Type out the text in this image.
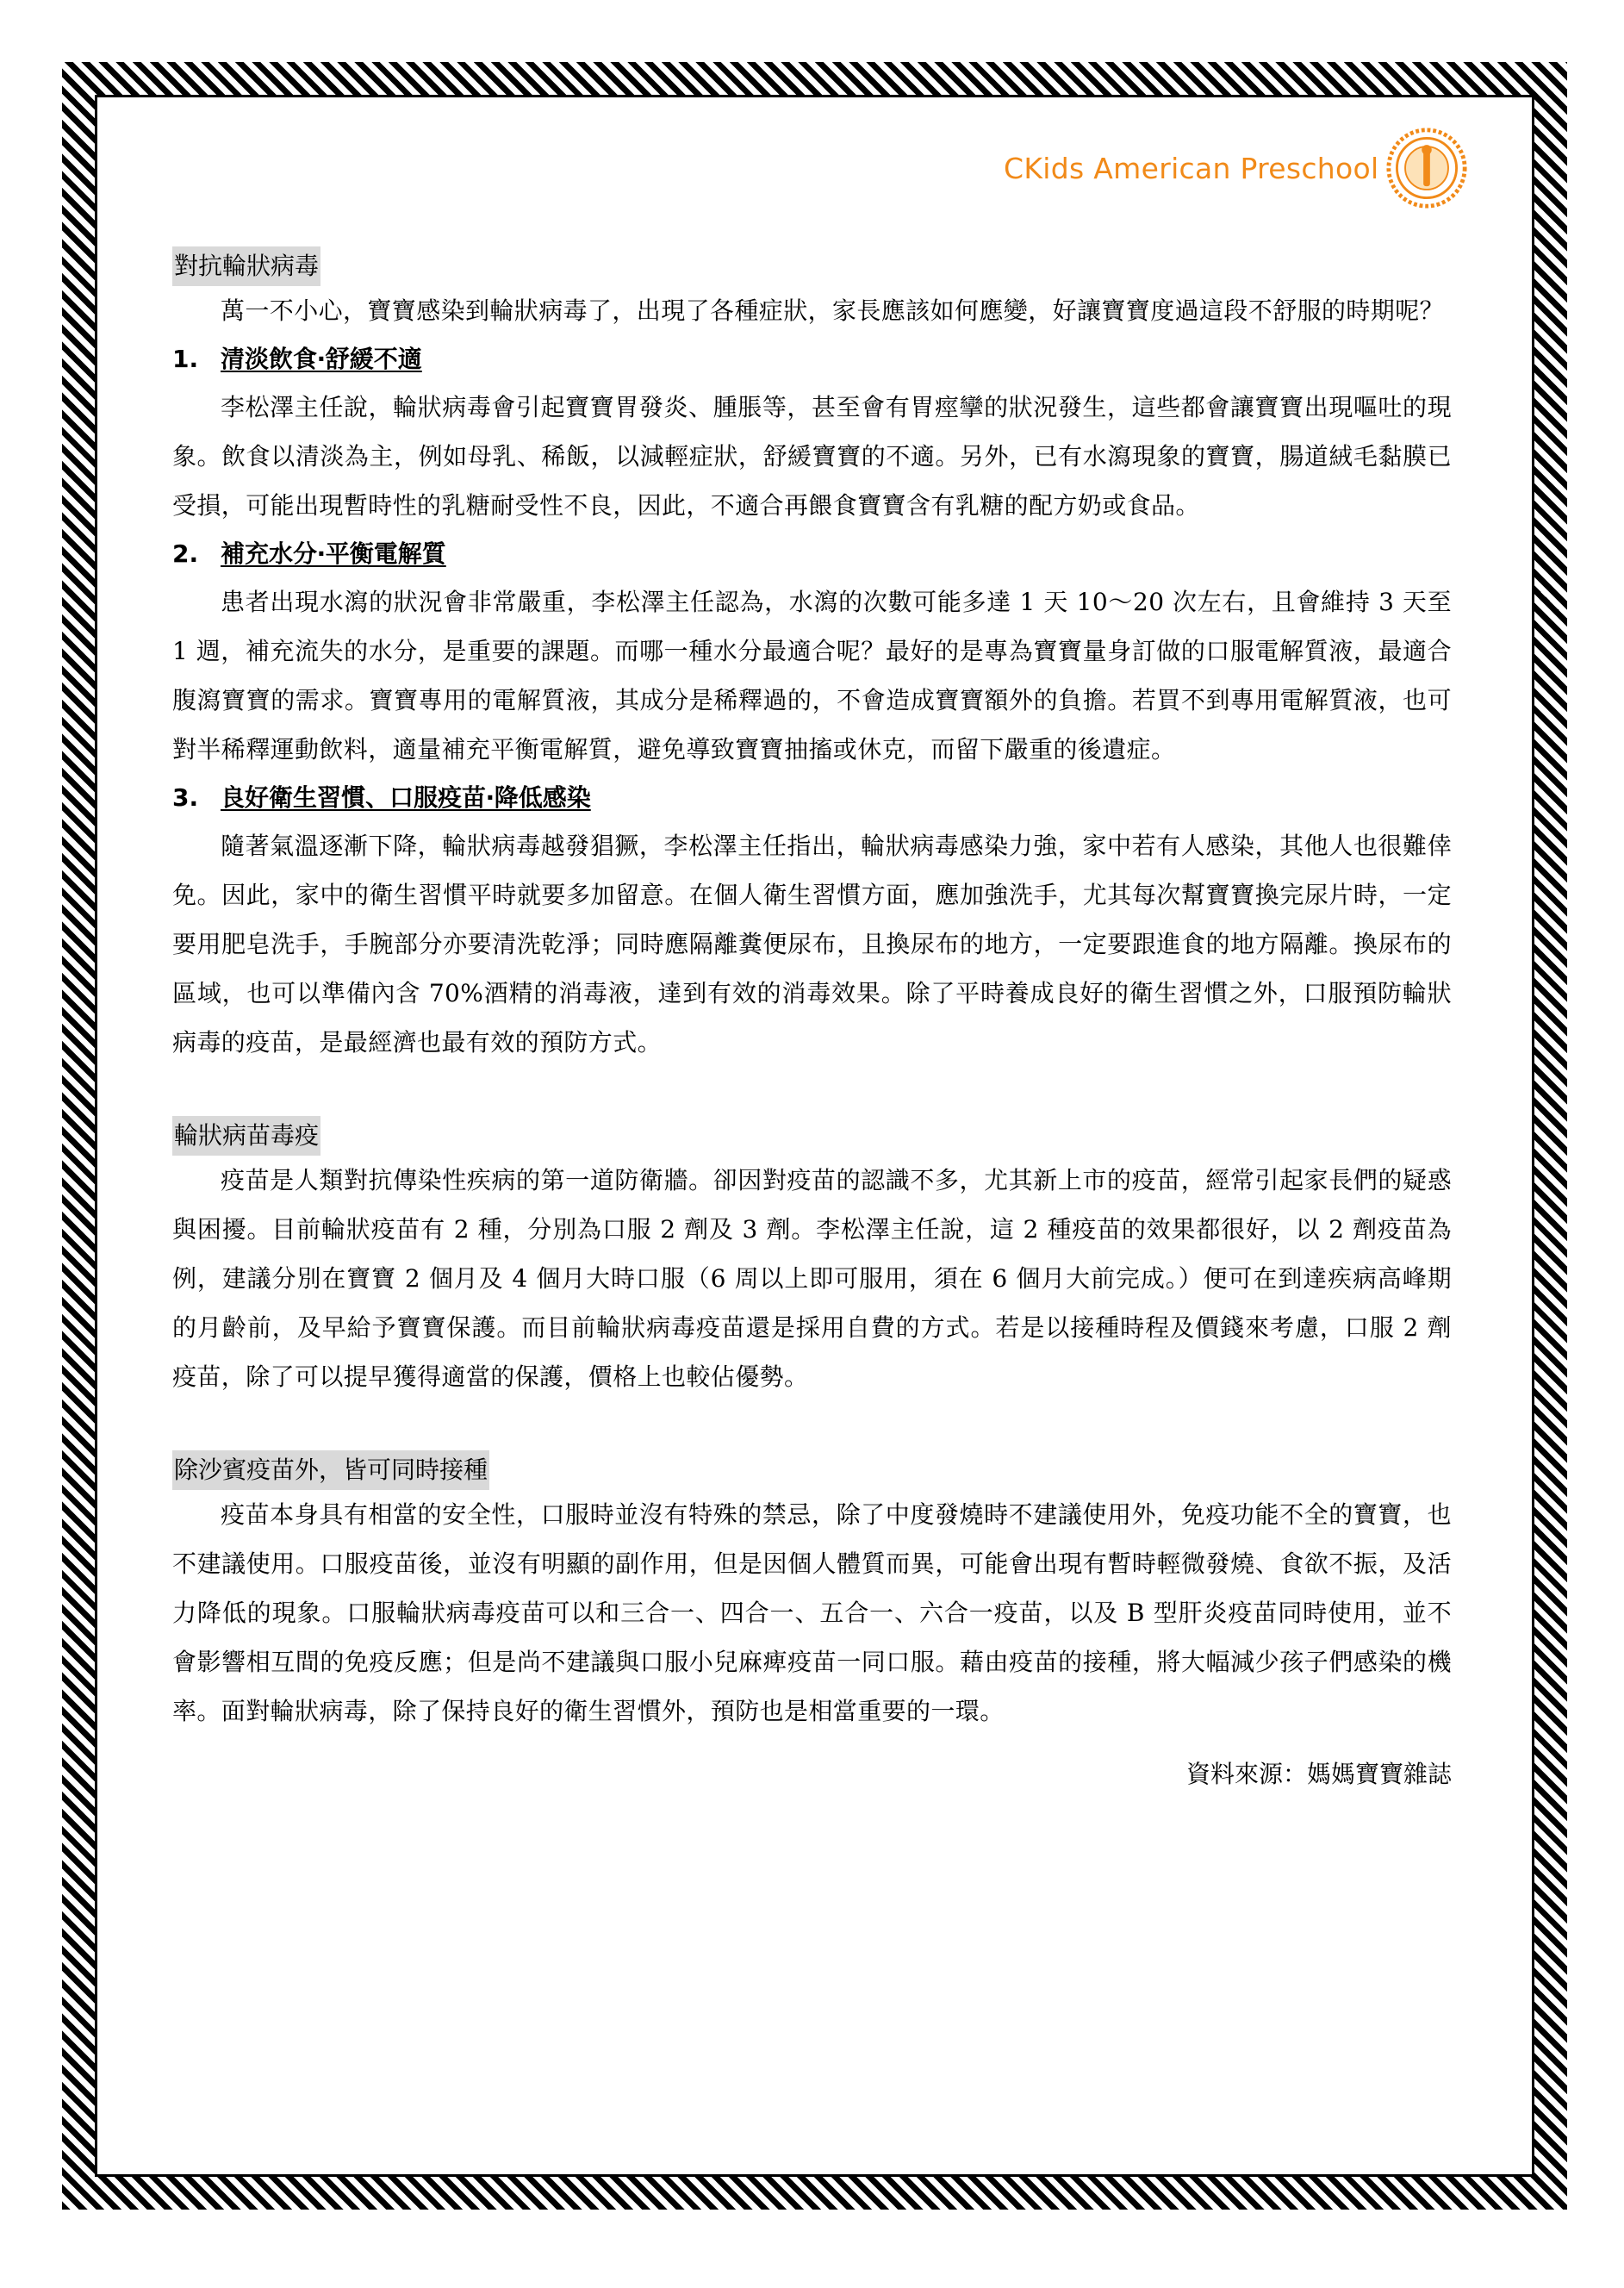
CKids American Preschool

對抗輪狀病毒

萬一不小心，寶寶感染到輪狀病毒了，出現了各種症狀，家長應該如何應變，好讓寶寶度過這段不舒服的時期呢？

1. 清淡飲食‧舒緩不適

李松澤主任說，輪狀病毒會引起寶寶胃發炎、腫脹等，甚至會有胃痙攣的狀況發生，這些都會讓寶寶出現嘔吐的現象。飲食以清淡為主，例如母乳、稀飯，以減輕症狀，舒緩寶寶的不適。另外，已有水瀉現象的寶寶，腸道絨毛黏膜已受損，可能出現暫時性的乳糖耐受性不良，因此，不適合再餵食寶寶含有乳糖的配方奶或食品。

2. 補充水分‧平衡電解質

患者出現水瀉的狀況會非常嚴重，李松澤主任認為，水瀉的次數可能多達 1 天 10～20 次左右，且會維持 3 天至 1 週，補充流失的水分，是重要的課題。而哪一種水分最適合呢？最好的是專為寶寶量身訂做的口服電解質液，最適合腹瀉寶寶的需求。寶寶專用的電解質液，其成分是稀釋過的，不會造成寶寶額外的負擔。若買不到專用電解質液，也可對半稀釋運動飲料，適量補充平衡電解質，避免導致寶寶抽搐或休克，而留下嚴重的後遺症。

3. 良好衛生習慣、口服疫苗‧降低感染

隨著氣溫逐漸下降，輪狀病毒越發猖獗，李松澤主任指出，輪狀病毒感染力強，家中若有人感染，其他人也很難倖免。因此，家中的衛生習慣平時就要多加留意。在個人衛生習慣方面，應加強洗手，尤其每次幫寶寶換完尿片時，一定要用肥皂洗手，手腕部分亦要清洗乾淨；同時應隔離糞便尿布，且換尿布的地方，一定要跟進食的地方隔離。換尿布的區域，也可以準備內含 70%酒精的消毒液，達到有效的消毒效果。除了平時養成良好的衛生習慣之外，口服預防輪狀病毒的疫苗，是最經濟也最有效的預防方式。

輪狀病苗毒疫

疫苗是人類對抗傳染性疾病的第一道防衛牆。卻因對疫苗的認識不多，尤其新上市的疫苗，經常引起家長們的疑惑與困擾。目前輪狀疫苗有 2 種，分別為口服 2 劑及 3 劑。李松澤主任說，這 2 種疫苗的效果都很好，以 2 劑疫苗為例，建議分別在寶寶 2 個月及 4 個月大時口服（6 周以上即可服用，須在 6 個月大前完成。）便可在到達疾病高峰期的月齡前，及早給予寶寶保護。而目前輪狀病毒疫苗還是採用自費的方式。若是以接種時程及價錢來考慮，口服 2 劑疫苗，除了可以提早獲得適當的保護，價格上也較佔優勢。

除沙賓疫苗外，皆可同時接種

疫苗本身具有相當的安全性，口服時並沒有特殊的禁忌，除了中度發燒時不建議使用外，免疫功能不全的寶寶，也不建議使用。口服疫苗後，並沒有明顯的副作用，但是因個人體質而異，可能會出現有暫時輕微發燒、食欲不振，及活力降低的現象。口服輪狀病毒疫苗可以和三合一、四合一、五合一、六合一疫苗，以及 B 型肝炎疫苗同時使用，並不會影響相互間的免疫反應；但是尚不建議與口服小兒麻痺疫苗一同口服。藉由疫苗的接種，將大幅減少孩子們感染的機率。面對輪狀病毒，除了保持良好的衛生習慣外，預防也是相當重要的一環。

資料來源：媽媽寶寶雜誌
